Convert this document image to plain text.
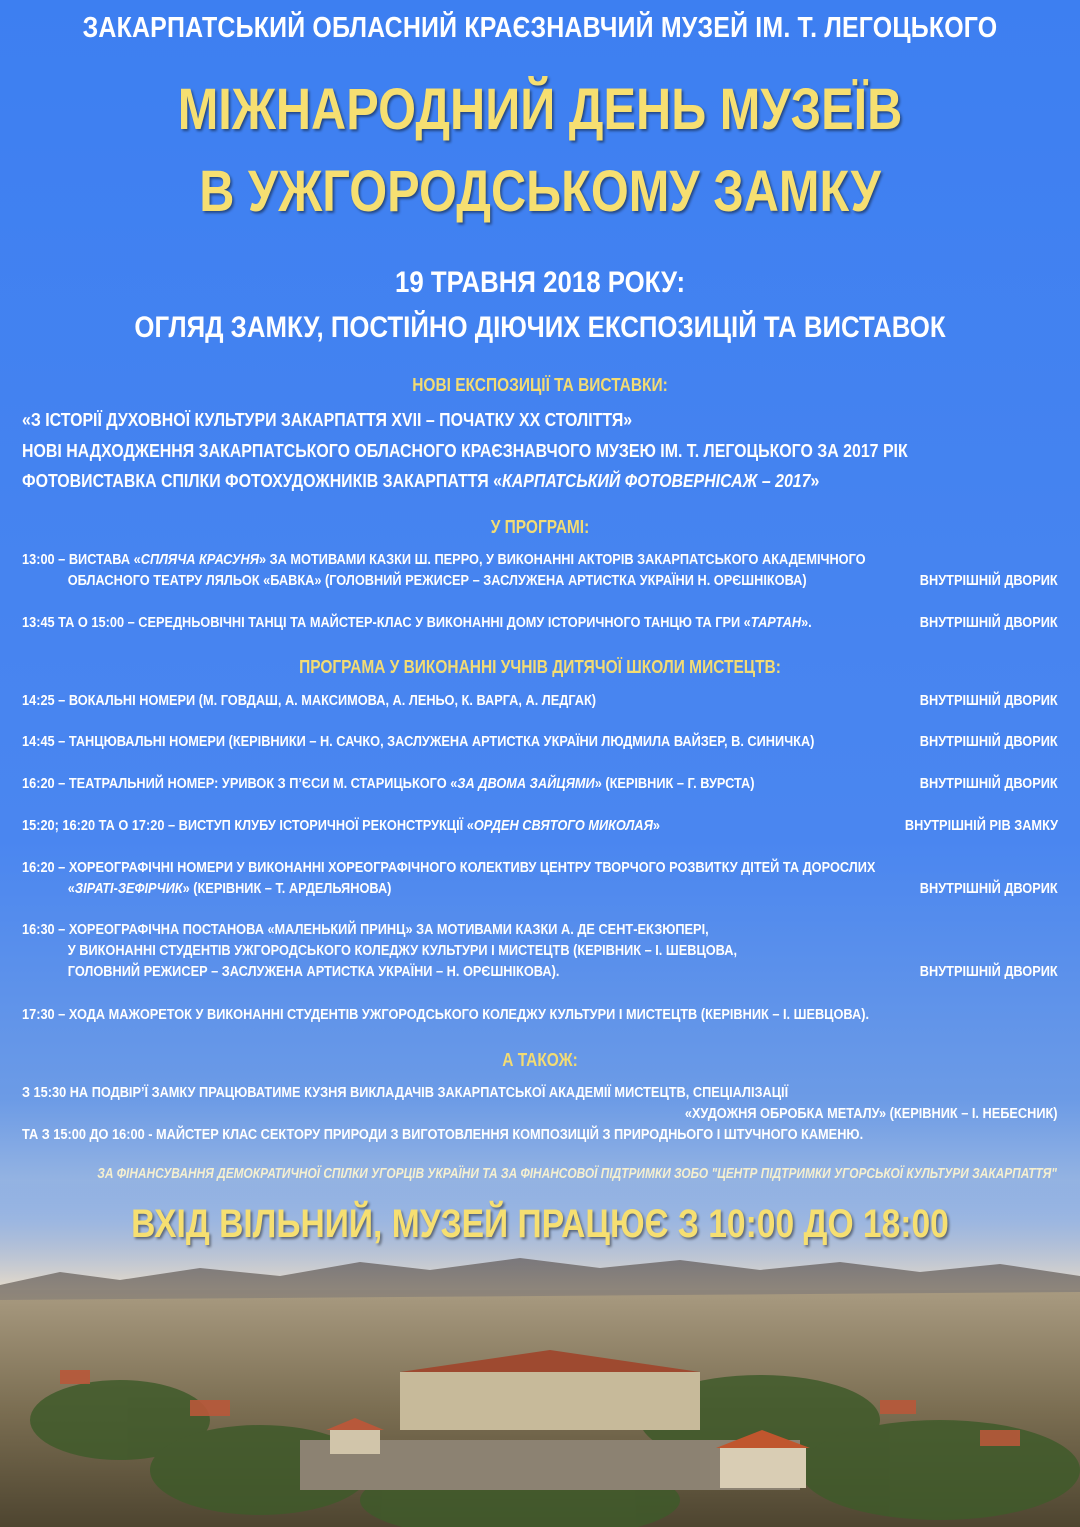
ЗАКАРПАТСЬКИЙ ОБЛАСНИЙ КРАЄЗНАВЧИЙ МУЗЕЙ ІМ. Т. ЛЕГОЦЬКОГО
МІЖНАРОДНИЙ ДЕНЬ МУЗЕЇВ
В УЖГОРОДСЬКОМУ ЗАМКУ
19 ТРАВНЯ 2018 РОКУ:
ОГЛЯД ЗАМКУ, ПОСТІЙНО ДІЮЧИХ ЕКСПОЗИЦІЙ ТА ВИСТАВОК
НОВІ ЕКСПОЗИЦІЇ ТА ВИСТАВКИ:
«З ІСТОРІЇ ДУХОВНОЇ КУЛЬТУРИ ЗАКАРПАТТЯ XVII – ПОЧАТКУ XX СТОЛІТТЯ»
НОВІ НАДХОДЖЕННЯ ЗАКАРПАТСЬКОГО ОБЛАСНОГО КРАЄЗНАВЧОГО МУЗЕЮ ІМ. Т. ЛЕГОЦЬКОГО ЗА 2017 РІК
ФОТОВИСТАВКА СПІЛКИ ФОТОХУДОЖНИКІВ ЗАКАРПАТТЯ «КАРПАТСЬКИЙ ФОТОВЕРНІСАЖ – 2017»
У ПРОГРАМІ:
13:00 – ВИСТАВА «СПЛЯЧА КРАСУНЯ» ЗА МОТИВАМИ КАЗКИ Ш. ПЕРРО, У ВИКОНАННІ АКТОРІВ ЗАКАРПАТСЬКОГО АКАДЕМІЧНОГО
ОБЛАСНОГО ТЕАТРУ ЛЯЛЬОК «БАВКА» (ГОЛОВНИЙ РЕЖИСЕР – ЗАСЛУЖЕНА АРТИСТКА УКРАЇНИ Н. ОРЄШНІКОВА)	ВНУТРІШНІЙ ДВОРИК
13:45 ТА О 15:00 – СЕРЕДНЬОВІЧНІ ТАНЦІ ТА МАЙСТЕР-КЛАС У ВИКОНАННІ ДОМУ ІСТОРИЧНОГО ТАНЦЮ ТА ГРИ «ТАРТАН».	ВНУТРІШНІЙ ДВОРИК
ПРОГРАМА У ВИКОНАННІ УЧНІВ ДИТЯЧОЇ ШКОЛИ МИСТЕЦТВ:
14:25 – ВОКАЛЬНІ НОМЕРИ (М. ГОВДАШ, А. МАКСИМОВА, А. ЛЕНЬО, К. ВАРГА, А. ЛЕДГАК)	ВНУТРІШНІЙ ДВОРИК
14:45 – ТАНЦЮВАЛЬНІ НОМЕРИ (КЕРІВНИКИ – Н. САЧКО, ЗАСЛУЖЕНА АРТИСТКА УКРАЇНИ ЛЮДМИЛА ВАЙЗЕР, В. СИНИЧКА)	ВНУТРІШНІЙ ДВОРИК
16:20 – ТЕАТРАЛЬНИЙ НОМЕР: УРИВОК З П’ЄСИ М. СТАРИЦЬКОГО «ЗА ДВОМА ЗАЙЦЯМИ» (КЕРІВНИК – Г. ВУРСТА)	ВНУТРІШНІЙ ДВОРИК
15:20; 16:20 ТА О 17:20 – ВИСТУП КЛУБУ ІСТОРИЧНОЇ РЕКОНСТРУКЦІЇ «ОРДЕН СВЯТОГО МИКОЛАЯ»	ВНУТРІШНІЙ РІВ ЗАМКУ
16:20 – ХОРЕОГРАФІЧНІ НОМЕРИ У ВИКОНАННІ ХОРЕОГРАФІЧНОГО КОЛЕКТИВУ ЦЕНТРУ ТВОРЧОГО РОЗВИТКУ ДІТЕЙ ТА ДОРОСЛИХ
«ЗІРАТІ-ЗЕФІРЧИК» (КЕРІВНИК – Т. АРДЕЛЬЯНОВА)	ВНУТРІШНІЙ ДВОРИК
16:30 – ХОРЕОГРАФІЧНА ПОСТАНОВА «МАЛЕНЬКИЙ ПРИНЦ» ЗА МОТИВАМИ КАЗКИ А. ДЕ СЕНТ-ЕКЗЮПЕРІ,
У ВИКОНАННІ СТУДЕНТІВ УЖГОРОДСЬКОГО КОЛЕДЖУ КУЛЬТУРИ І МИСТЕЦТВ (КЕРІВНИК – І. ШЕВЦОВА,
ГОЛОВНИЙ РЕЖИСЕР – ЗАСЛУЖЕНА АРТИСТКА УКРАЇНИ – Н. ОРЄШНІКОВА).	ВНУТРІШНІЙ ДВОРИК
17:30 – ХОДА МАЖОРЕТОК У ВИКОНАННІ СТУДЕНТІВ УЖГОРОДСЬКОГО КОЛЕДЖУ КУЛЬТУРИ І МИСТЕЦТВ (КЕРІВНИК – І. ШЕВЦОВА).
А ТАКОЖ:
З 15:30 НА ПОДВІР’Ї ЗАМКУ ПРАЦЮВАТИМЕ КУЗНЯ ВИКЛАДАЧІВ ЗАКАРПАТСЬКОЇ АКАДЕМІЇ МИСТЕЦТВ, СПЕЦІАЛІЗАЦІЇ
«ХУДОЖНЯ ОБРОБКА МЕТАЛУ» (КЕРІВНИК – І. НЕБЕСНИК)
ТА З 15:00 ДО 16:00 - МАЙСТЕР КЛАС СЕКТОРУ ПРИРОДИ З ВИГОТОВЛЕННЯ КОМПОЗИЦІЙ З ПРИРОДНЬОГО І ШТУЧНОГО КАМЕНЮ.
ЗА ФІНАНСУВАННЯ ДЕМОКРАТИЧНОЇ СПІЛКИ УГОРЦІВ УКРАЇНИ ТА ЗА ФІНАНСОВОЇ ПІДТРИМКИ ЗОБО "ЦЕНТР ПІДТРИМКИ УГОРСЬКОЇ КУЛЬТУРИ ЗАКАРПАТТЯ"
ВХІД ВІЛЬНИЙ, МУЗЕЙ ПРАЦЮЄ З 10:00 ДО 18:00
